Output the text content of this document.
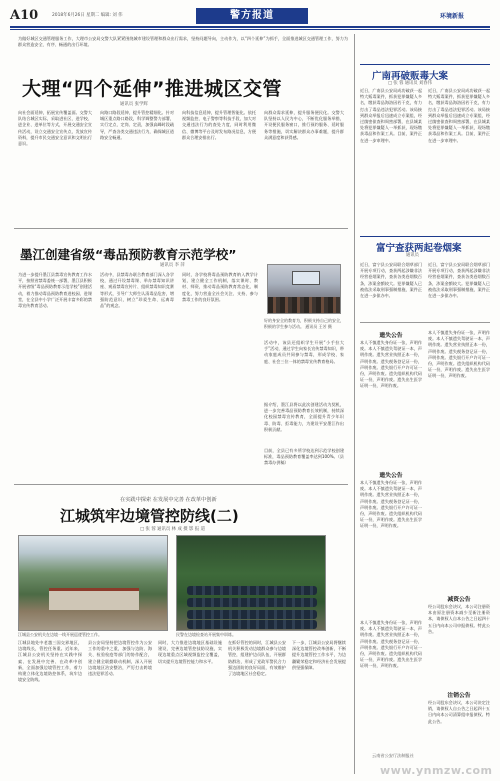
A10	2018年6月26日 星期二 编辑: 刘 伟	警方报道	环境新报
为做好城区交通管理服务工作，大理市公安局交警大队紧紧围绕城市建设管理和群众出行需求，坚持问题导向，主动作为，以“四个延伸”为抓手，全面推进城区交通管理工作，努力为群众营造安全、有序、畅通的出行环境。
大理“四个延伸”推进城区交管
通讯员 张学辉
向社会面延伸，拓展宣传覆盖面。交警大队结合城区实际，采取进社区、进学校、进企业、进单位等方式，开展交通安全宣传活动，设立交通安全宣传点，发放宣传资料，提升市民交通安全意识和文明出行意识。
向路口路段延伸，提升管控精细化。针对城区重点路口路段，科学调整警力部署，实行定点、定岗、定责，加强高峰时段疏导，严查各类交通违法行为，确保城区道路安全畅通。
向科技信息延伸，提升管理智能化。依托视频监控、电子警察等科技手段，加大对交通违法行为的查处力度，同时利用微信、微博等平台及时发布路况信息，方便群众合理安排出行。
向群众需求延伸，提升服务便民化。交警大队坚持以人民为中心，不断优化服务举措，开设便民服务窗口，推行预约服务、延时服务等措施，切实解决群众办事难题，提升群众满意度和获得感。
墨江创建省级“毒品预防教育示范学校”
通讯员 李 萍
为进一步提升墨江县禁毒宣传教育工作水平，按照省禁毒委统一部署，墨江县积极开展省级“毒品预防教育示范学校”创建活动，着力推动毒品预防教育进校园、进课堂，在全县中小学广泛开展丰富多彩的禁毒宣传教育活动。
活动中，县禁毒办联合教育部门深入各学校，通过开设禁毒课、举办禁毒知识讲座、观看禁毒宣传片、组织禁毒知识竞赛等形式，引导广大师生认清毒品危害，增强防范意识，树立“珍爱生命、远离毒品”的观念。
同时，各学校将毒品预防教育纳入教学计划，建立健全工作机制，落实课时、教材、师资，推动毒品预防教育常态化、制度化，努力营造全社会关注、支持、参与禁毒工作的良好氛围。
好的身安全的教育为，积极支持自己的安全，积极的学生参与活动。 通讯员 王芳 摄
活动中，该县还组织学生开展“小手拉大手”活动，通过学生向家长宣传禁毒知识，带动家庭成员共同参与禁毒，形成学校、家庭、社会三位一体的禁毒宣传教育格局。
据介绍，墨江县将以此次创建活动为契机，进一步完善毒品预防教育长效机制，持续深化校园禁毒宣传教育，全面提升青少年识毒、防毒、拒毒能力，为建设平安墨江作出积极贡献。
目前，全县已有多所学校达到示范学校创建标准，毒品预防教育覆盖率达到100%。（县禁毒办供稿）
在实践中探索 在发展中完善 在改革中创新
江城筑牢边境管控防线(二)
□ 张 蓉 通讯员 林 成 摄 影 报 道
江城县公安机关在边境一线开展巡逻管控工作。	民警在边境检查站开展集中训练。
江城县地处中老越三国交界地区，边境线长，管控任务重。近年来，江城县公安机关坚持在实践中探索、在发展中完善、在改革中创新，全面加强边境管控工作，着力构建立体化边境防控体系，筑牢边境安全防线。
县公安局坚持把边境管控作为公安工作的重中之重，加强与边防、海关、检验检疫等部门的协作配合，建立健全联勤联动机制，深入开展边境地区治安整治，严厉打击跨境违法犯罪活动。
同时，大力推进边境地区基础设施建设，完善边境管控技防设施，实现边境重点区域视频监控全覆盖，切实提升边境管控能力和水平。
在抓好管控的同时，江城县公安机关积极发动边境群众参与边境管控，组建护边员队伍，开展群防群治，形成了党政军警民合力强边固防的良好局面，有效维护了边境地区社会稳定。
下一步，江城县公安局将继续深化边境管控改革创新，不断提升边境管控工作水平，为边疆繁荣稳定和经济社会发展提供坚强保障。
广南再破贩毒大案
□ 张 蓉 通讯员 刘春伟
近日，广南县公安局成功破获一起特大贩毒案件，抓获犯罪嫌疑人多名，缴获毒品海洛因若干克，有力打击了毒品违法犯罪活动。该局接到群众举报后迅速成立专案组，经过缜密侦查和周密部署，在县城某处将犯罪嫌疑人一举抓获，现场缴获毒品和作案工具。目前，案件正在进一步审理中。
近日，广南县公安局成功破获一起特大贩毒案件，抓获犯罪嫌疑人多名，缴获毒品海洛因若干克，有力打击了毒品违法犯罪活动。该局接到群众举报后迅速成立专案组，经过缜密侦查和周密部署，在县城某处将犯罪嫌疑人一举抓获，现场缴获毒品和作案工具。目前，案件正在进一步审理中。
富宁查获两起卷烟案
通讯员
近日，富宁县公安局联合烟草部门开展专项行动，查获两起涉嫌非法经营卷烟案件，查获各类卷烟数百条，涉案金额较大。犯罪嫌疑人已被依法采取刑事强制措施，案件正在进一步侦办中。
近日，富宁县公安局联合烟草部门开展专项行动，查获两起涉嫌非法经营卷烟案件，查获各类卷烟数百条，涉案金额较大。犯罪嫌疑人已被依法采取刑事强制措施，案件正在进一步侦办中。
遗失公告
本人不慎遗失身份证一张，声明作废。本人不慎遗失驾驶证一本，声明作废。遗失营业执照正本一份，声明作废。遗失税务登记证一份，声明作废。遗失银行开户许可证一份，声明作废。遗失组织机构代码证一份，声明作废。遗失出生医学证明一份，声明作废。
遗失公告
本人不慎遗失身份证一张，声明作废。本人不慎遗失驾驶证一本，声明作废。遗失营业执照正本一份，声明作废。遗失税务登记证一份，声明作废。遗失银行开户许可证一份，声明作废。遗失组织机构代码证一份，声明作废。遗失出生医学证明一份，声明作废。
本人不慎遗失身份证一张，声明作废。本人不慎遗失驾驶证一本，声明作废。遗失营业执照正本一份，声明作废。遗失税务登记证一份，声明作废。遗失银行开户许可证一份，声明作废。遗失组织机构代码证一份，声明作废。遗失出生医学证明一份，声明作废。
减资公告
经公司股东会决议，本公司注册资本由原注册资本减少至新注册资本，请债权人自本公告之日起四十五日内向本公司申报债权。特此公告。
注销公告
经公司股东会决议，本公司决定注销，请债权人自公告之日起四十五日内向本公司清算组申报债权。特此公告。
本人不慎遗失身份证一张，声明作废。本人不慎遗失驾驶证一本，声明作废。遗失营业执照正本一份，声明作废。遗失税务登记证一份，声明作废。遗失银行开户许可证一份，声明作废。遗失组织机构代码证一份，声明作废。遗失出生医学证明一份，声明作废。
云南省公安厅法制报社
www.ynmzw.com
